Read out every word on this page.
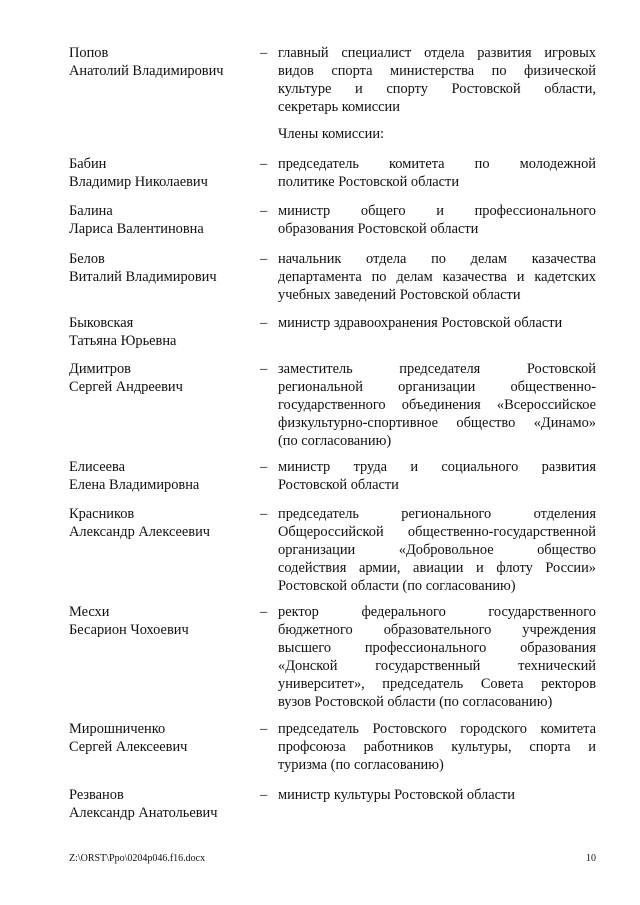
Попов
Анатолий Владимирович
– главный специалист отдела развития игровых
видов спорта министерства по физической
культуре и спорту Ростовской области,
секретарь комиссии
Члены комиссии:
Бабин
Владимир Николаевич
– председатель комитета по молодежной
политике Ростовской области
Балина
Лариса Валентиновна
– министр общего и профессионального
образования Ростовской области
Белов
Виталий Владимирович
– начальник отдела по делам казачества
департамента по делам казачества и кадетских
учебных заведений Ростовской области
Быковская
Татьяна Юрьевна
– министр здравоохранения Ростовской области
Димитров
Сергей Андреевич
– заместитель председателя Ростовской
региональной организации общественно-
государственного объединения «Всероссийское
физкультурно-спортивное общество «Динамо»
(по согласованию)
Елисеева
Елена Владимировна
– министр труда и социального развития
Ростовской области
Красников
Александр Алексеевич
– председатель регионального отделения
Общероссийской общественно-государственной
организации «Добровольное общество
содействия армии, авиации и флоту России»
Ростовской области (по согласованию)
Месхи
Бесарион Чохоевич
– ректор федерального государственного
бюджетного образовательного учреждения
высшего профессионального образования
«Донской государственный технический
университет», председатель Совета ректоров
вузов Ростовской области (по согласованию)
Мирошниченко
Сергей Алексеевич
– председатель Ростовского городского комитета
профсоюза работников культуры, спорта и
туризма (по согласованию)
Резванов
Александр Анатольевич
– министр культуры Ростовской области
Z:\ORST\Ppo\0204p046.f16.docx	10
